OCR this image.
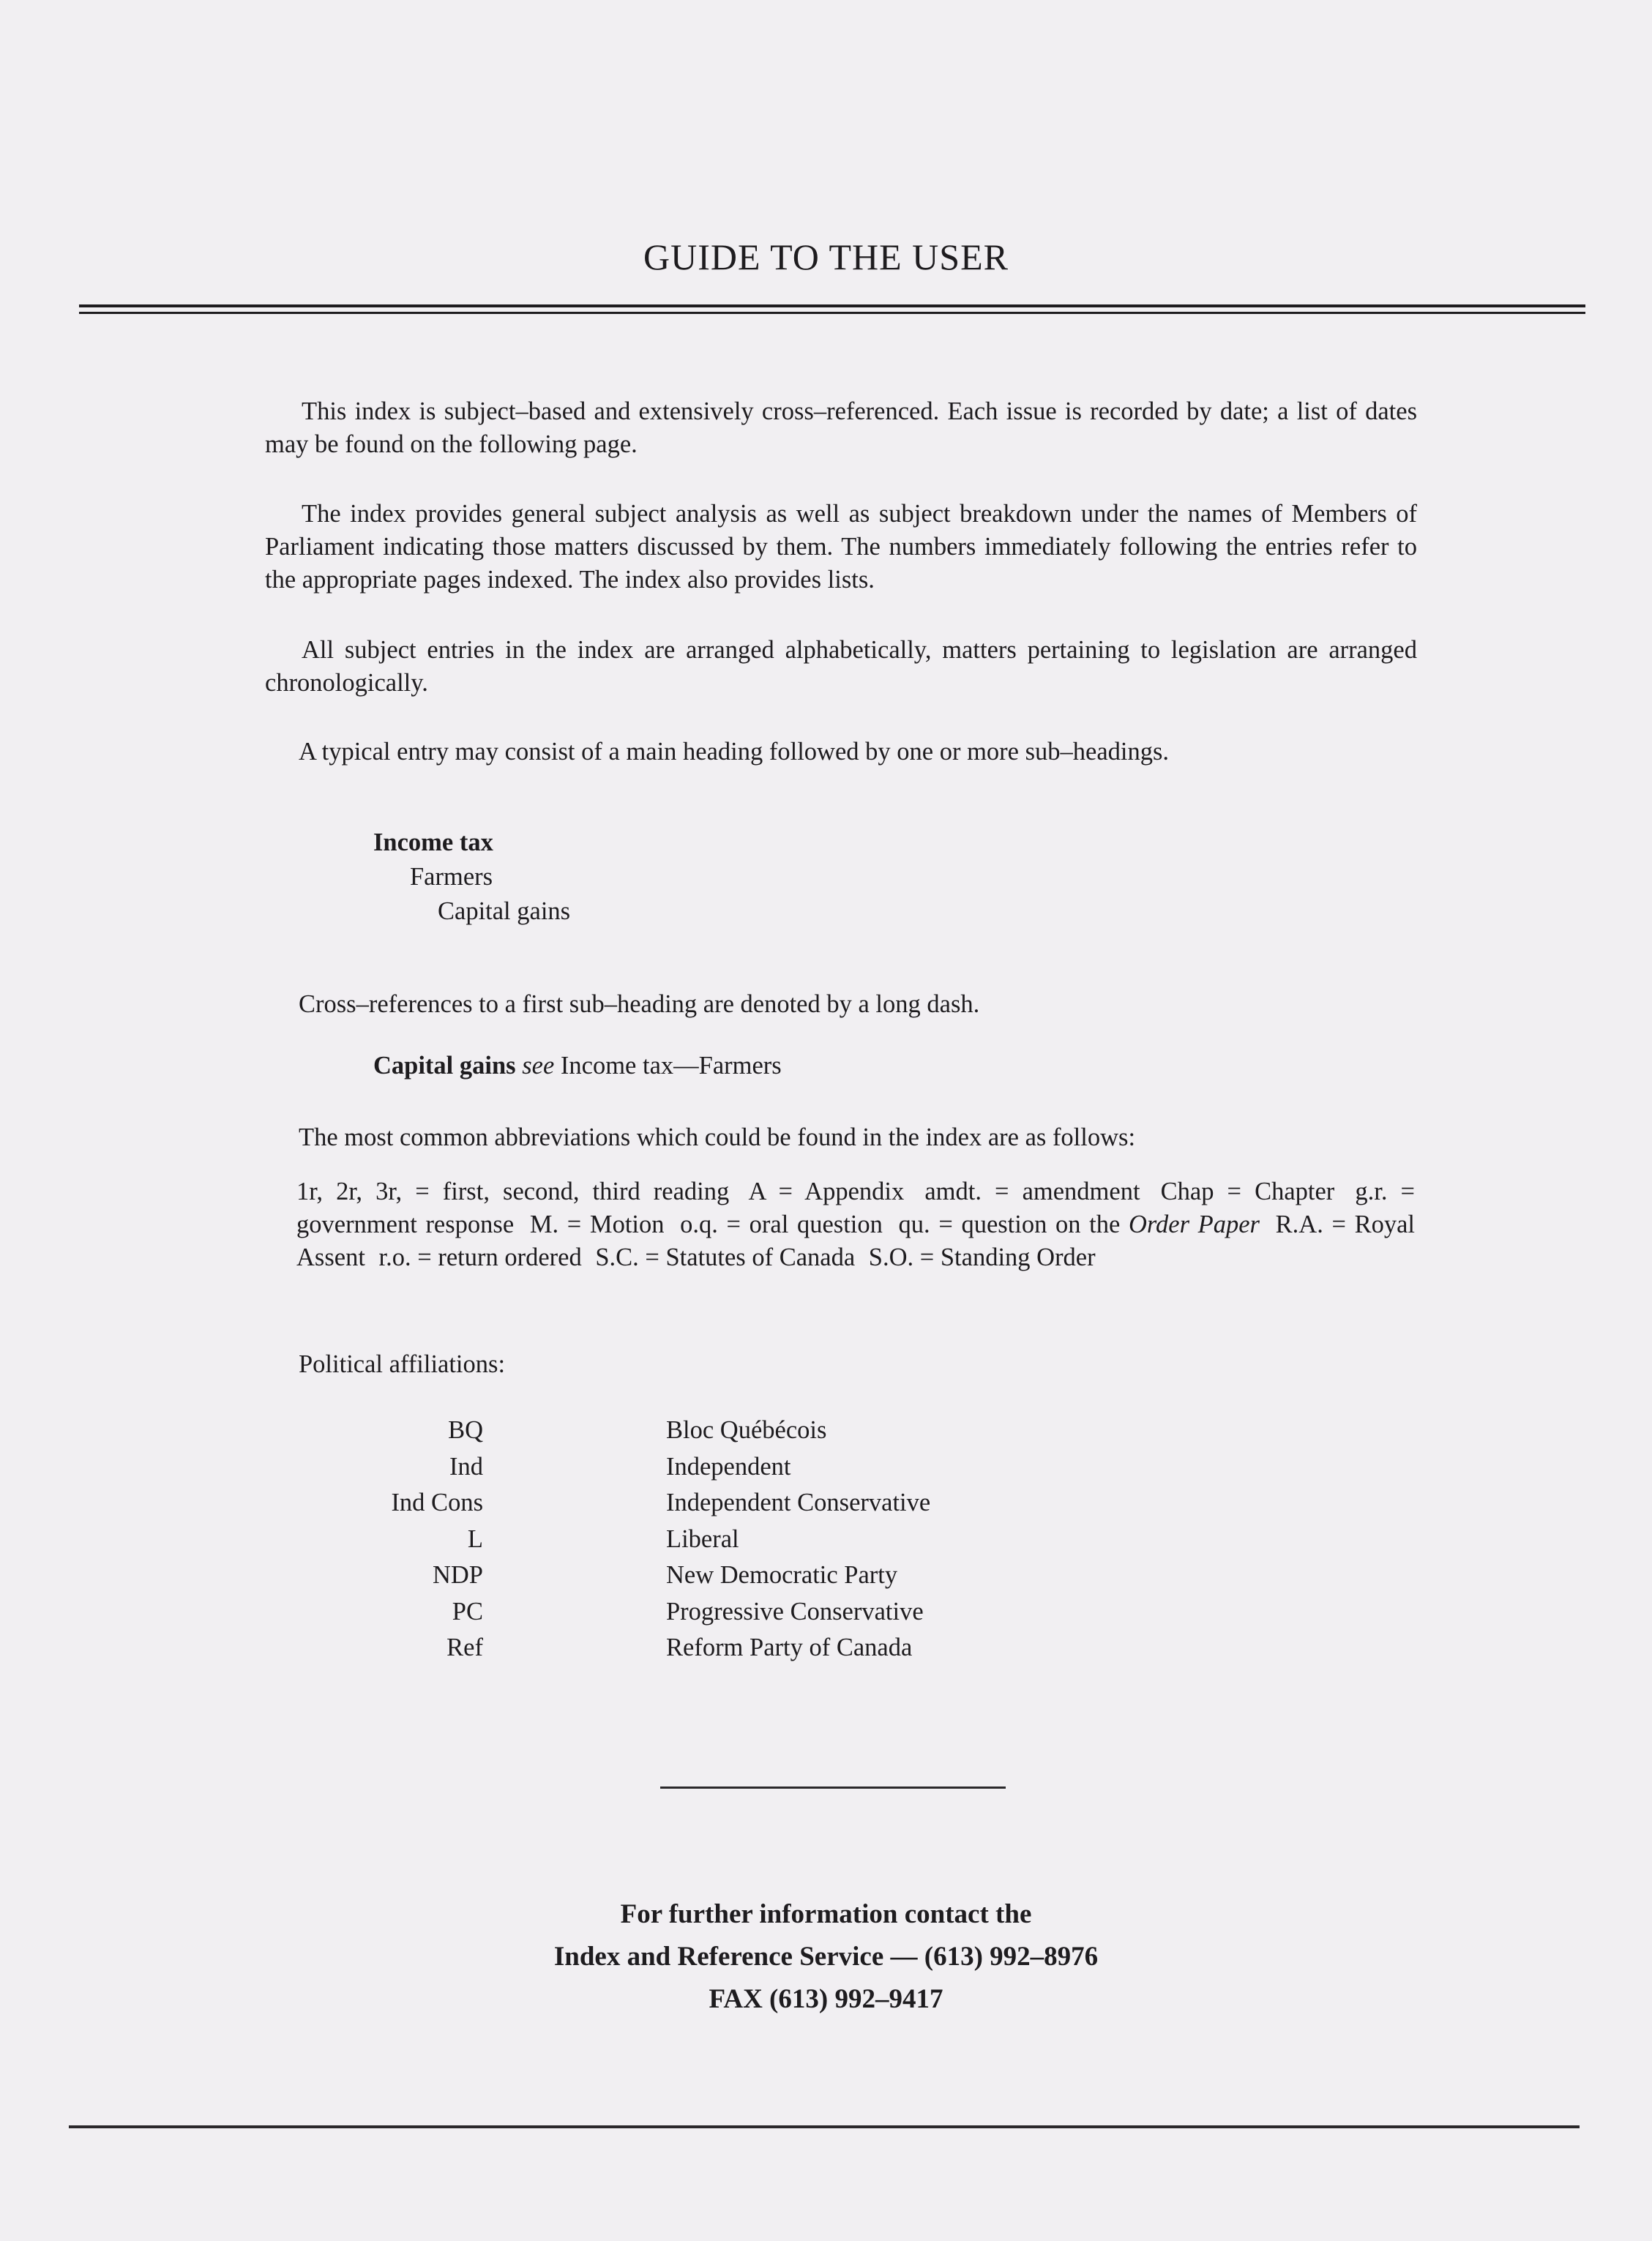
GUIDE TO THE USER
This index is subject–based and extensively cross–referenced. Each issue is recorded by date; a list of dates may be found on the following page.
The index provides general subject analysis as well as subject breakdown under the names of Members of Parliament indicating those matters discussed by them. The numbers immediately following the entries refer to the appropriate pages indexed. The index also provides lists.
All subject entries in the index are arranged alphabetically, matters pertaining to legislation are arranged chronologically.
A typical entry may consist of a main heading followed by one or more sub–headings.
Income tax
Farmers
Capital gains
Cross–references to a first sub–heading are denoted by a long dash.
Capital gains see Income tax—Farmers
The most common abbreviations which could be found in the index are as follows:
1r, 2r, 3r, = first, second, third reading A = Appendix amdt. = amendment Chap = Chapter g.r. = government response M. = Motion o.q. = oral question qu. = question on the Order Paper R.A. = Royal Assent r.o. = return ordered S.C. = Statutes of Canada S.O. = Standing Order
Political affiliations:
BQ	Bloc Québécois
Ind	Independent
Ind Cons	Independent Conservative
L	Liberal
NDP	New Democratic Party
PC	Progressive Conservative
Ref	Reform Party of Canada
For further information contact the
Index and Reference Service — (613) 992–8976
FAX (613) 992–9417
